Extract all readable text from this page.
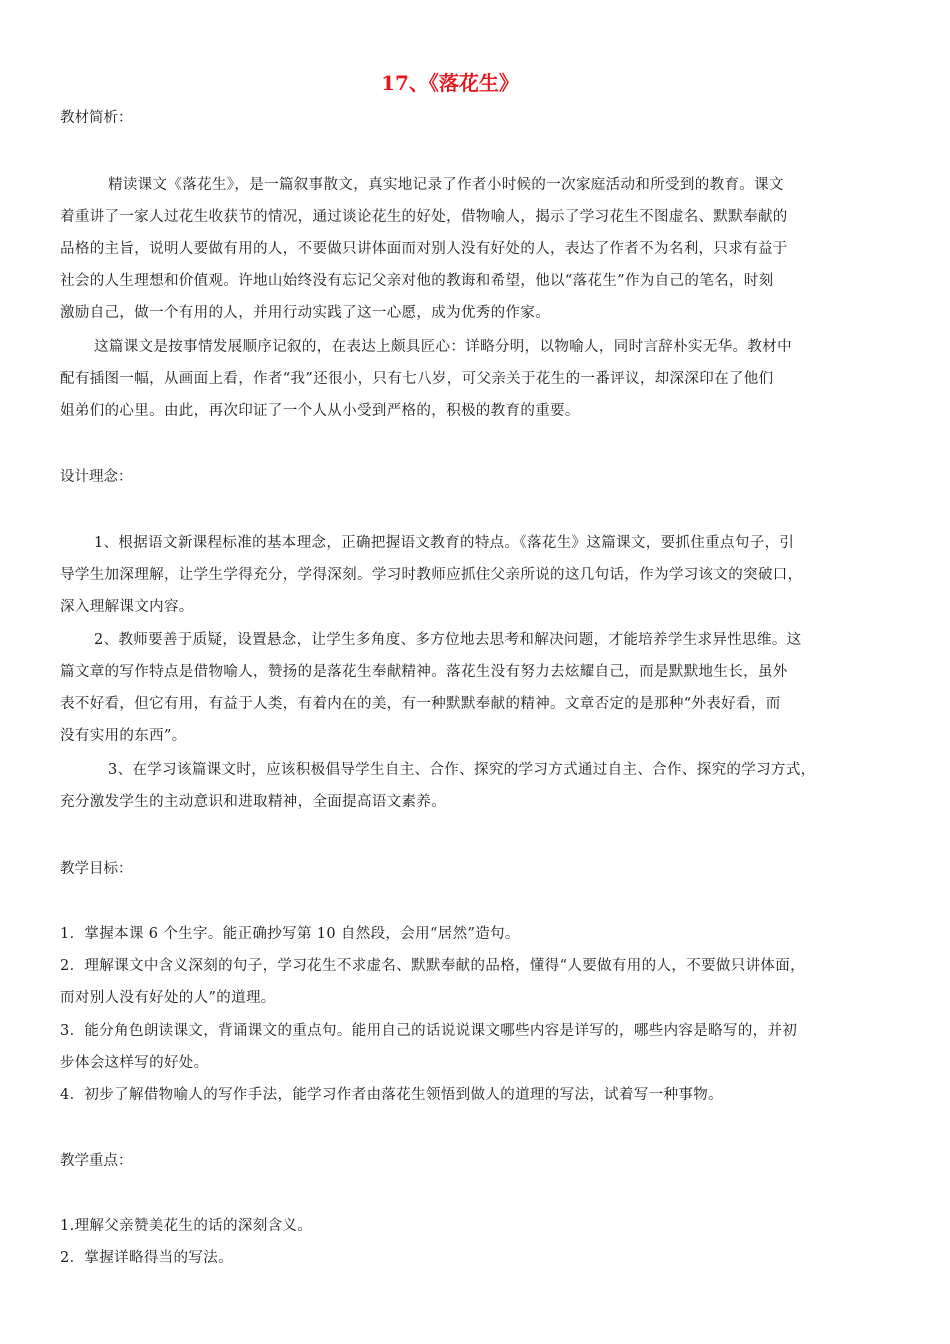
17、《落花生》

教材简析：

精读课文《落花生》，是一篇叙事散文，真实地记录了作者小时候的一次家庭活动和所受到的教育。课文

着重讲了一家人过花生收获节的情况，通过谈论花生的好处，借物喻人，揭示了学习花生不图虚名、默默奉献的

品格的主旨，说明人要做有用的人，不要做只讲体面而对别人没有好处的人，表达了作者不为名利，只求有益于

社会的人生理想和价值观。许地山始终没有忘记父亲对他的教诲和希望，他以“落花生”作为自己的笔名，时刻

激励自己，做一个有用的人，并用行动实践了这一心愿，成为优秀的作家。

这篇课文是按事情发展顺序记叙的，在表达上颇具匠心：详略分明，以物喻人，同时言辞朴实无华。教材中

配有插图一幅，从画面上看，作者“我”还很小，只有七八岁，可父亲关于花生的一番评议，却深深印在了他们

姐弟们的心里。由此，再次印证了一个人从小受到严格的，积极的教育的重要。

设计理念：

1、根据语文新课程标准的基本理念，正确把握语文教育的特点。《落花生》这篇课文，要抓住重点句子，引

导学生加深理解，让学生学得充分，学得深刻。学习时教师应抓住父亲所说的这几句话，作为学习该文的突破口，

深入理解课文内容。

2、教师要善于质疑，设置悬念，让学生多角度、多方位地去思考和解决问题，才能培养学生求异性思维。这

篇文章的写作特点是借物喻人，赞扬的是落花生奉献精神。落花生没有努力去炫耀自己，而是默默地生长，虽外

表不好看，但它有用，有益于人类，有着内在的美，有一种默默奉献的精神。文章否定的是那种“外表好看，而

没有实用的东西”。

3、在学习该篇课文时，应该积极倡导学生自主、合作、探究的学习方式通过自主、合作、探究的学习方式，

充分激发学生的主动意识和进取精神，全面提高语文素养。

教学目标：

1．掌握本课 6 个生字。能正确抄写第 10 自然段，会用“居然”造句。

2．理解课文中含义深刻的句子，学习花生不求虚名、默默奉献的品格，懂得“人要做有用的人，不要做只讲体面，

而对别人没有好处的人”的道理。

3．能分角色朗读课文，背诵课文的重点句。能用自己的话说说课文哪些内容是详写的，哪些内容是略写的，并初

步体会这样写的好处。

4．初步了解借物喻人的写作手法，能学习作者由落花生领悟到做人的道理的写法，试着写一种事物。

教学重点：

1.理解父亲赞美花生的话的深刻含义。

2．掌握详略得当的写法。
